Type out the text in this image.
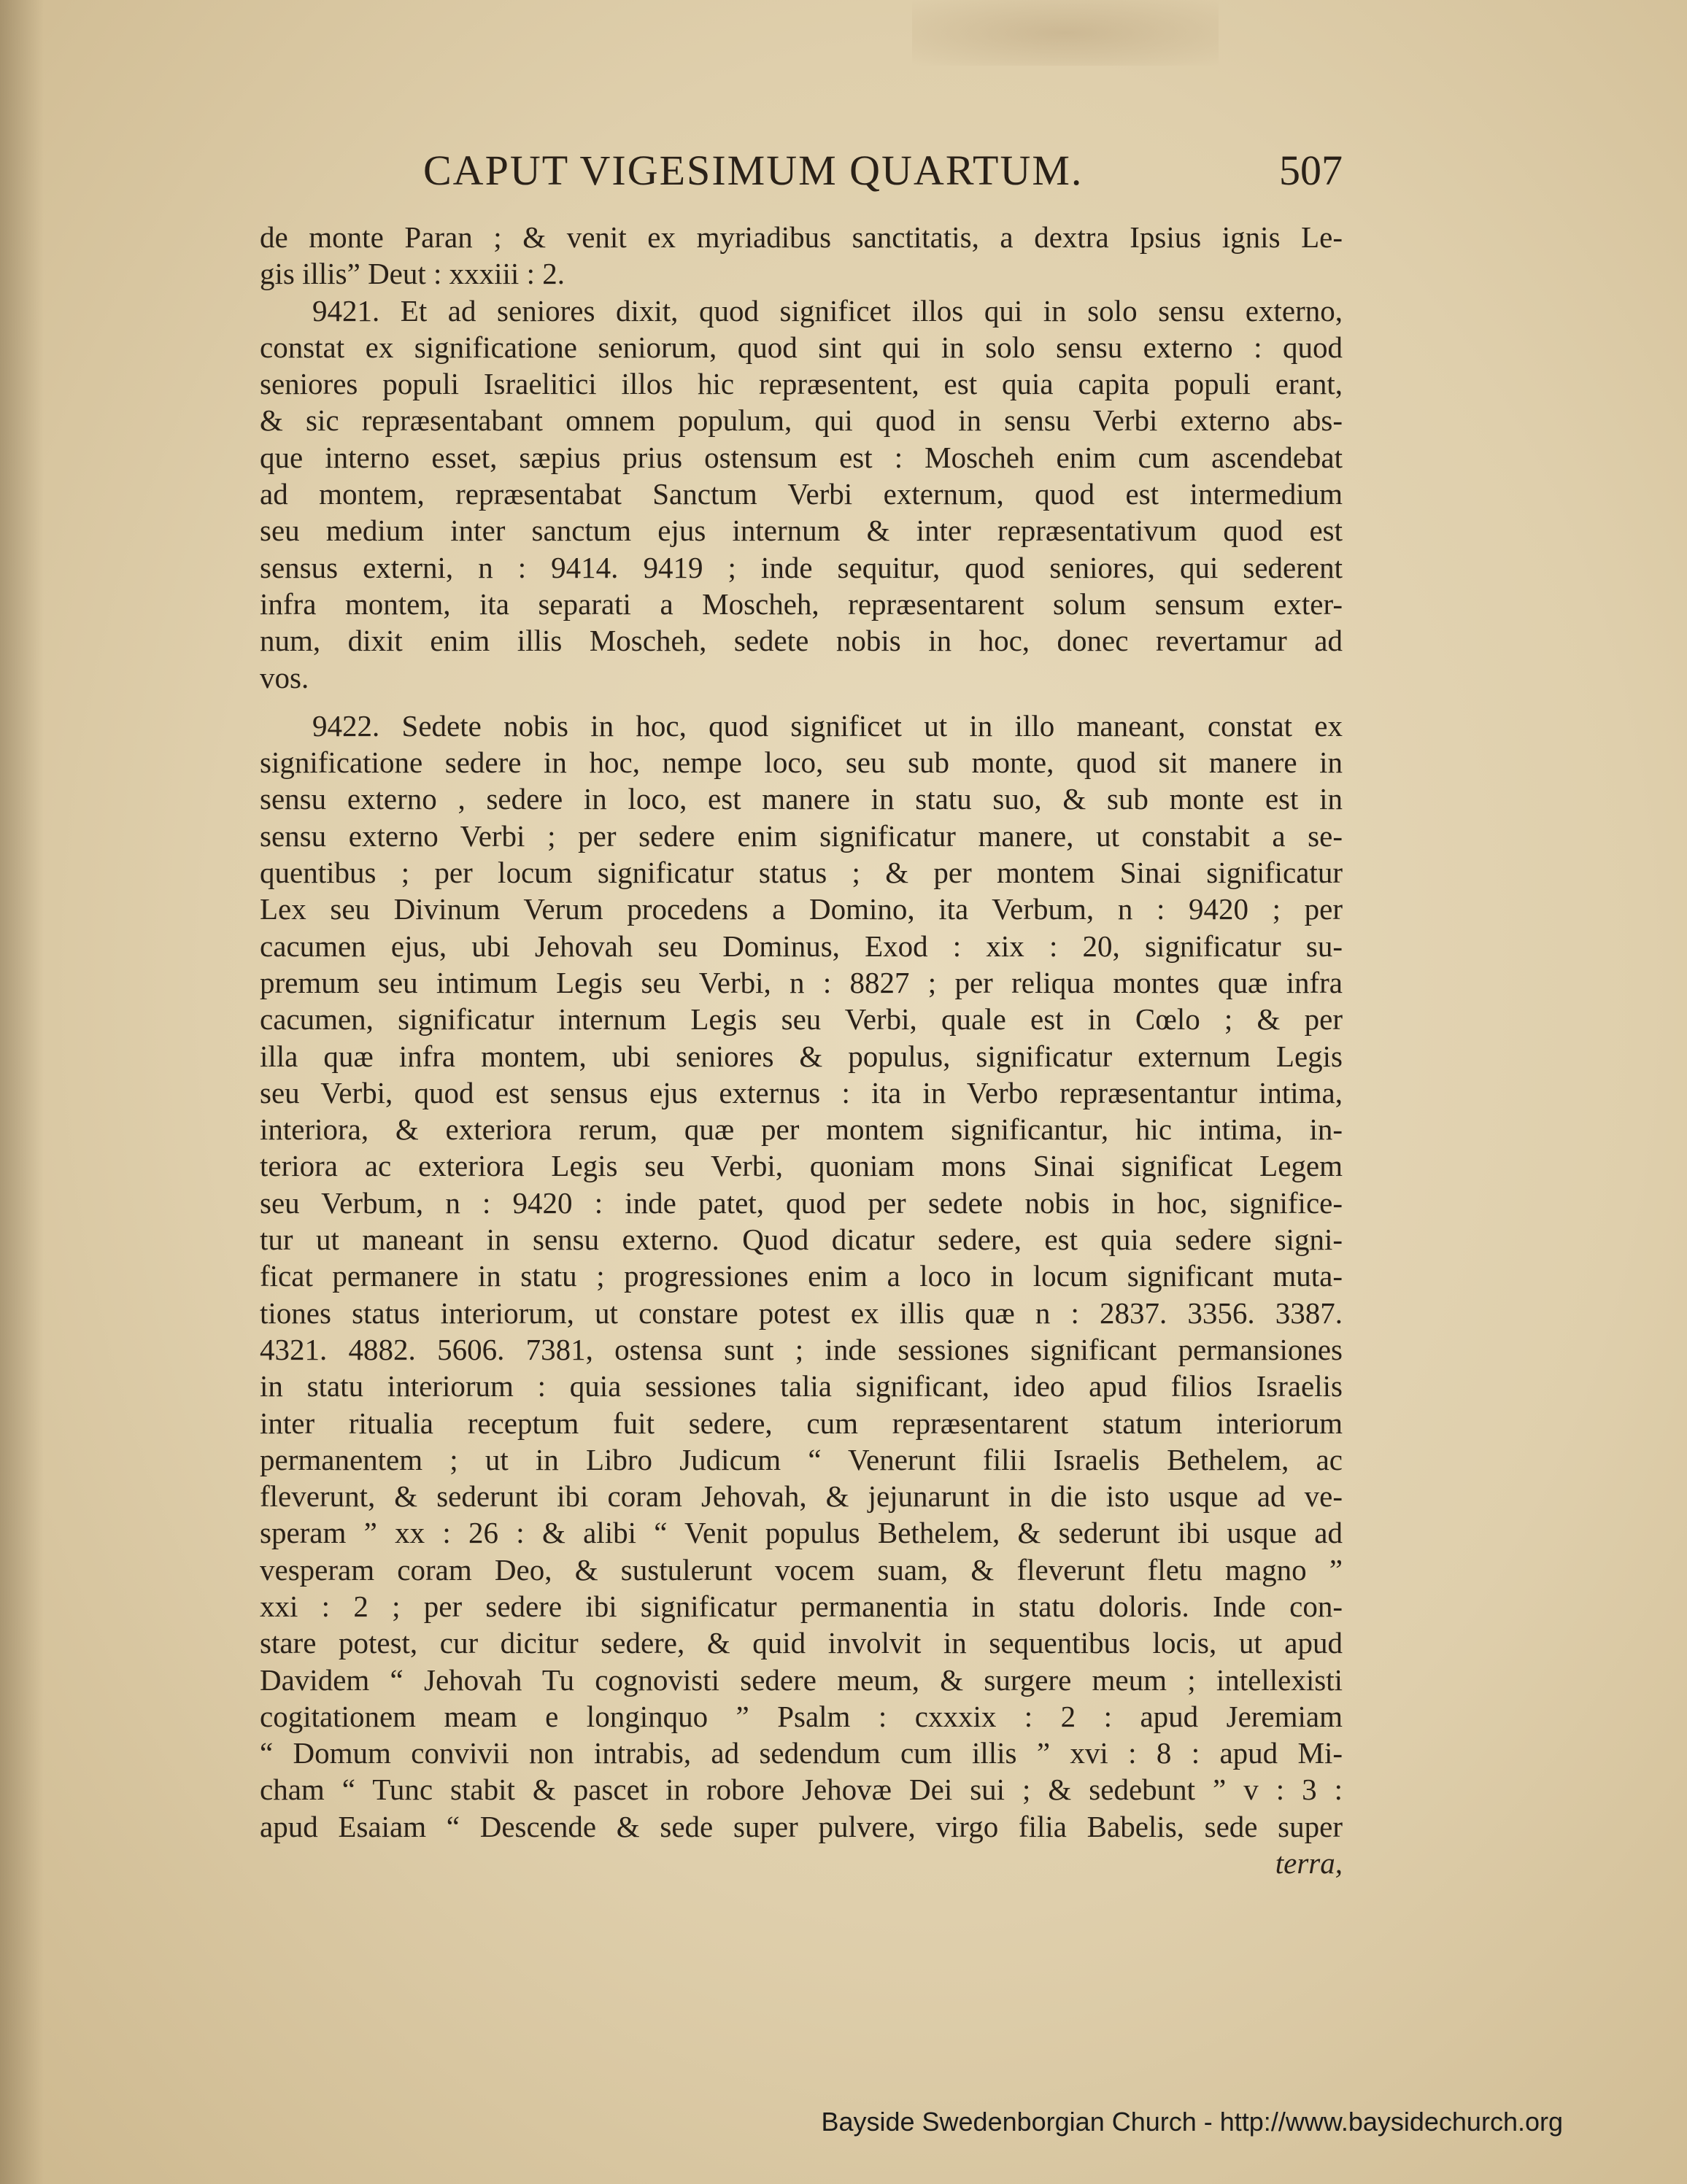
CAPUT VIGESIMUM QUARTUM.	507
de monte Paran ; & venit ex myriadibus sanctitatis, a dextra Ipsius ignis Le-
gis illis” Deut : xxxiii : 2.
9421. Et ad seniores dixit, quod significet illos qui in solo sensu externo,
constat ex significatione seniorum, quod sint qui in solo sensu externo : quod
seniores populi Israelitici illos hic repræsentent, est quia capita populi erant,
& sic repræsentabant omnem populum, qui quod in sensu Verbi externo abs-
que interno esset, sæpius prius ostensum est : Moscheh enim cum ascendebat
ad montem, repræsentabat Sanctum Verbi externum, quod est intermedium
seu medium inter sanctum ejus internum & inter repræsentativum quod est
sensus externi, n : 9414. 9419 ; inde sequitur, quod seniores, qui sederent
infra montem, ita separati a Moscheh, repræsentarent solum sensum exter-
num, dixit enim illis Moscheh, sedete nobis in hoc, donec revertamur ad
vos.
9422. Sedete nobis in hoc, quod significet ut in illo maneant, constat ex
significatione sedere in hoc, nempe loco, seu sub monte, quod sit manere in
sensu externo , sedere in loco, est manere in statu suo, & sub monte est in
sensu externo Verbi ; per sedere enim significatur manere, ut constabit a se-
quentibus ; per locum significatur status ; & per montem Sinai significatur
Lex seu Divinum Verum procedens a Domino, ita Verbum, n : 9420 ; per
cacumen ejus, ubi Jehovah seu Dominus, Exod : xix : 20, significatur su-
premum seu intimum Legis seu Verbi, n : 8827 ; per reliqua montes quæ infra
cacumen, significatur internum Legis seu Verbi, quale est in Cœlo ; & per
illa quæ infra montem, ubi seniores & populus, significatur externum Legis
seu Verbi, quod est sensus ejus externus : ita in Verbo repræsentantur intima,
interiora, & exteriora rerum, quæ per montem significantur, hic intima, in-
teriora ac exteriora Legis seu Verbi, quoniam mons Sinai significat Legem
seu Verbum, n : 9420 : inde patet, quod per sedete nobis in hoc, significe-
tur ut maneant in sensu externo. Quod dicatur sedere, est quia sedere signi-
ficat permanere in statu ; progressiones enim a loco in locum significant muta-
tiones status interiorum, ut constare potest ex illis quæ n : 2837. 3356. 3387.
4321. 4882. 5606. 7381, ostensa sunt ; inde sessiones significant permansiones
in statu interiorum : quia sessiones talia significant, ideo apud filios Israelis
inter ritualia receptum fuit sedere, cum repræsentarent statum interiorum
permanentem ; ut in Libro Judicum “ Venerunt filii Israelis Bethelem, ac
fleverunt, & sederunt ibi coram Jehovah, & jejunarunt in die isto usque ad ve-
speram ” xx : 26 : & alibi “ Venit populus Bethelem, & sederunt ibi usque ad
vesperam coram Deo, & sustulerunt vocem suam, & fleverunt fletu magno ”
xxi : 2 ; per sedere ibi significatur permanentia in statu doloris. Inde con-
stare potest, cur dicitur sedere, & quid involvit in sequentibus locis, ut apud
Davidem “ Jehovah Tu cognovisti sedere meum, & surgere meum ; intellexisti
cogitationem meam e longinquo ” Psalm : cxxxix : 2 : apud Jeremiam
“ Domum convivii non intrabis, ad sedendum cum illis ” xvi : 8 : apud Mi-
cham “ Tunc stabit & pascet in robore Jehovæ Dei sui ; & sedebunt ” v : 3 :
apud Esaiam “ Descende & sede super pulvere, virgo filia Babelis, sede super
terra,
Bayside Swedenborgian Church - http://www.baysidechurch.org
